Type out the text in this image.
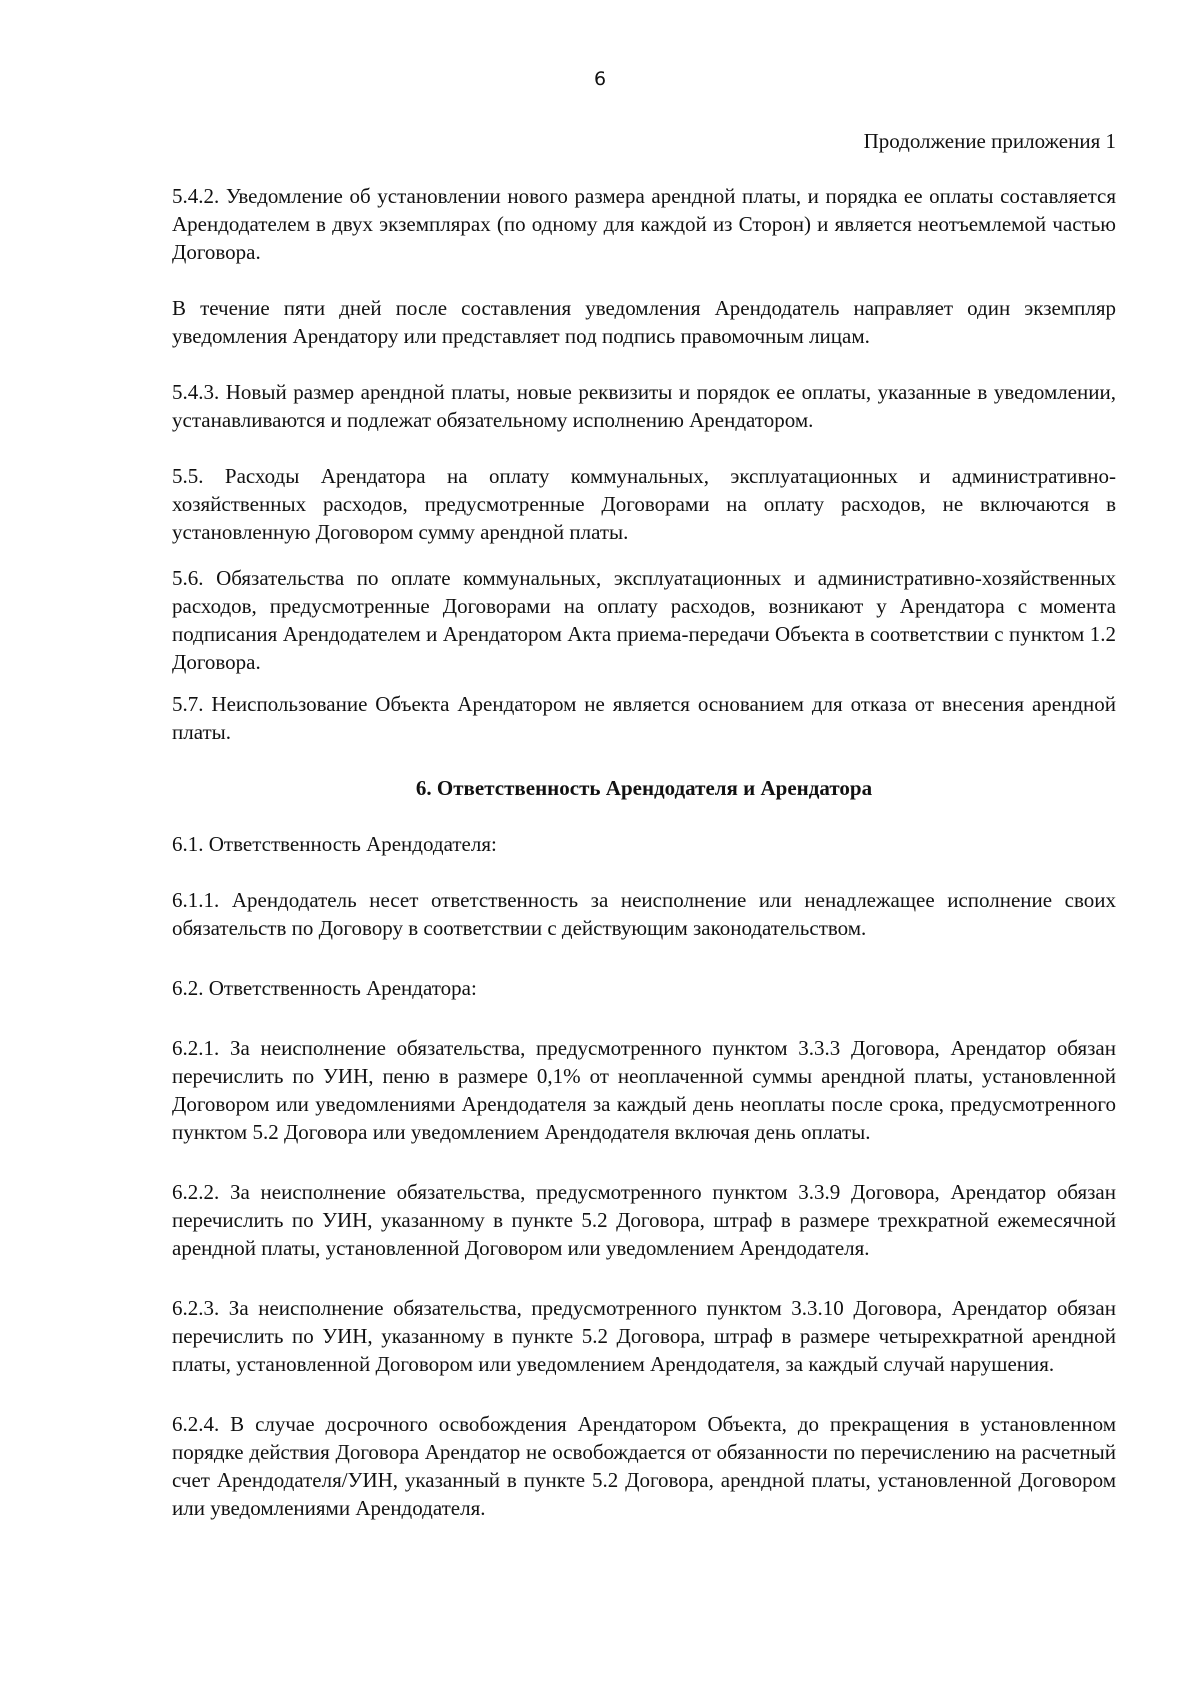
6
Продолжение приложения 1

5.4.2. Уведомление об установлении нового размера арендной платы, и порядка ее оплаты составляется Арендодателем в двух экземплярах (по одному для каждой из Сторон) и является неотъемлемой частью Договора.

В течение пяти дней после составления уведомления Арендодатель направляет один экземпляр уведомления Арендатору или представляет под подпись правомочным лицам.

5.4.3. Новый размер арендной платы, новые реквизиты и порядок ее оплаты, указанные в уведомлении, устанавливаются и подлежат обязательному исполнению Арендатором.

5.5. Расходы Арендатора на оплату коммунальных, эксплуатационных и административно-хозяйственных расходов, предусмотренные Договорами на оплату расходов, не включаются в установленную Договором сумму арендной платы.

5.6. Обязательства по оплате коммунальных, эксплуатационных и административно-хозяйственных расходов, предусмотренные Договорами на оплату расходов, возникают у Арендатора с момента подписания Арендодателем и Арендатором Акта приема-передачи Объекта в соответствии с пунктом 1.2 Договора.

5.7. Неиспользование Объекта Арендатором не является основанием для отказа от внесения арендной платы.

6. Ответственность Арендодателя и Арендатора

6.1. Ответственность Арендодателя:

6.1.1. Арендодатель несет ответственность за неисполнение или ненадлежащее исполнение своих обязательств по Договору в соответствии с действующим законодательством.

6.2. Ответственность Арендатора:

6.2.1. За неисполнение обязательства, предусмотренного пунктом 3.3.3 Договора, Арендатор обязан перечислить по УИН, пеню в размере 0,1% от неоплаченной суммы арендной платы, установленной Договором или уведомлениями Арендодателя за каждый день неоплаты после срока, предусмотренного пунктом 5.2 Договора или уведомлением Арендодателя включая день оплаты.

6.2.2. За неисполнение обязательства, предусмотренного пунктом 3.3.9 Договора, Арендатор обязан перечислить по УИН, указанному в пункте 5.2 Договора, штраф в размере трехкратной ежемесячной арендной платы, установленной Договором или уведомлением Арендодателя.

6.2.3. За неисполнение обязательства, предусмотренного пунктом 3.3.10 Договора, Арендатор обязан перечислить по УИН, указанному в пункте 5.2 Договора, штраф в размере четырехкратной арендной платы, установленной Договором или уведомлением Арендодателя, за каждый случай нарушения.

6.2.4. В случае досрочного освобождения Арендатором Объекта, до прекращения в установленном порядке действия Договора Арендатор не освобождается от обязанности по перечислению на расчетный счет Арендодателя/УИН, указанный в пункте 5.2 Договора, арендной платы, установленной Договором или уведомлениями Арендодателя.
